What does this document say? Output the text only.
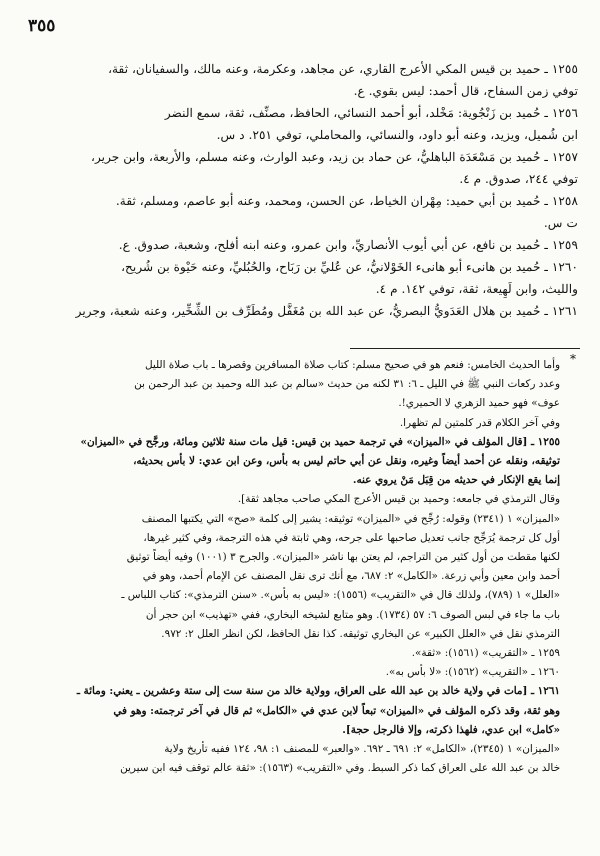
٣٥٥
١٢٥٥ ـ حميد بن قيس المكي الأعرج القاري، عن مجاهد، وعكرمة، وعنه مالك، والسفيانان، ثقة،
توفي زمن السفاح، قال أحمد: ليس بقوي. ع.
١٢٥٦ ـ حُميد بن زَنْجُوية: مَخْلد، أبو أحمد النسائي، الحافظ، مصنِّف، ثقة، سمع النضر
ابن شُميل، ويزيد، وعنه أبو داود، والنسائي، والمحاملي، توفي ٢٥١. د س.
١٢٥٧ ـ حُميد بن مَسْعَدَة الباهليُّ، عن حماد بن زيد، وعبد الوارث، وعنه مسلم، والأربعة، وابن جرير،
توفي ٢٤٤، صدوق. م ٤.
١٢٥٨ ـ حُميد بن أبي حميد: مِهْران الخياط، عن الحسن، ومحمد، وعنه أبو عاصم، ومسلم، ثقة.
ت س.
١٢٥٩ ـ حُميد بن نافع، عن أبي أيوب الأنصاريِّ، وابن عمرو، وعنه ابنه أفلح، وشعبة، صدوق. ع.
١٢٦٠ ـ حُميد بن هانىء أبو هانىء الخَوْلانيُّ، عن عُليِّ بن رَبَاح، والحُبُليِّ، وعنه حَيْوة بن شُريح،
والليث، وابن لَهِيعة، ثقة، توفي ١٤٢. م ٤.
١٢٦١ ـ حُميد بن هلال العَدَويُّ البصريُّ، عن عبد الله بن مُغَفَّل ومُطَرِّف بن الشِّخِّير، وعنه شعبة، وجرير
*
وأما الحديث الخامس: فنعم هو في صحيح مسلم: كتاب صلاة المسافرين وقصرها ـ باب صلاة الليل
وعدد ركعات النبي ﷺ في الليل ـ ٦: ٣١ لكنه من حديث «سالم بن عبد الله وحميد بن عبد الرحمن بن
عوف» فهو حميد الزهري لا الحميري!.
وفي آخر الكلام قدر كلمتين لم تظهرا.
١٢٥٥ ـ [قال المؤلف في «الميزان» في ترجمة حميد بن قيس: قيل مات سنة ثلاثين ومائة، ورجَّح في «الميزان»
توثيقه، ونقله عن أحمد أيضاً وغيره، ونقل عن أبي حاتم ليس به بأس، وعن ابن عدي: لا بأس بحديثه،
إنما يقع الإنكار في حديثه من قِبَل مَنْ يروي عنه.
وقال الترمذي في جامعه: وحميد بن قيس الأعرج المكي صاحب مجاهد ثقة].
«الميزان» ١ (٢٣٤١) وقوله: رُجِّح في «الميزان» توثيقه: يشير إلى كلمة «صح» التي يكتبها المصنف
أول كل ترجمة يُرَجِّح جانب تعديل صاحبها على جرحه، وهي ثابتة في هذه الترجمة، وفي كثير غيرها،
لكنها مقطت من أول كثير من التراجم، لم يعتن بها ناشر «الميزان». والجرح ٣ (١٠٠١) وفيه أيضاً توثيق
أحمد وابن معين وأبي زرعة. «الكامل» ٢: ٦٨٧، مع أنك ترى نقل المصنف عن الإمام أحمد، وهو في
«العلل» ١ (٧٨٩)، ولذلك قال في «التقريب» (١٥٥٦): «ليس به بأس». «سنن الترمذي»: كتاب اللباس ـ
باب ما جاء في لبس الصوف ٦: ٥٧ (١٧٣٤). وهو متابع لشيخه البخاري، ففي «تهذيب» ابن حجر أن
الترمذي نقل في «العلل الكبير» عن البخاري توثيقه. كذا نقل الحافظ، لكن انظر العلل ٢: ٩٧٢.
١٢٥٩ ـ «التقريب» (١٥٦١): «ثقة».
١٢٦٠ ـ «التقريب» (١٥٦٢): «لا بأس به».
١٢٦١ ـ [مات في ولاية خالد بن عبد الله على العراق، وولاية خالد من سنة ست إلى ستة وعشرين ـ يعني: ومائة ـ
وهو ثقة، وقد ذكره المؤلف في «الميزان» تبعاً لابن عدي في «الكامل» ثم قال في آخر ترجمته: وهو في
«كامل» ابن عدي، فلهذا ذكرته، وإلا فالرجل حجة].
«الميزان» ١ (٢٣٤٥)، «الكامل» ٢: ٦٩١ ـ ٦٩٢. «والعبر» للمصنف ١: ٩٨، ١٢٤ ففيه تأريخ ولاية
خالد بن عبد الله على العراق كما ذكر السبط. وفي «التقريب» (١٥٦٣): «ثقة عالم توقف فيه ابن سيرين
